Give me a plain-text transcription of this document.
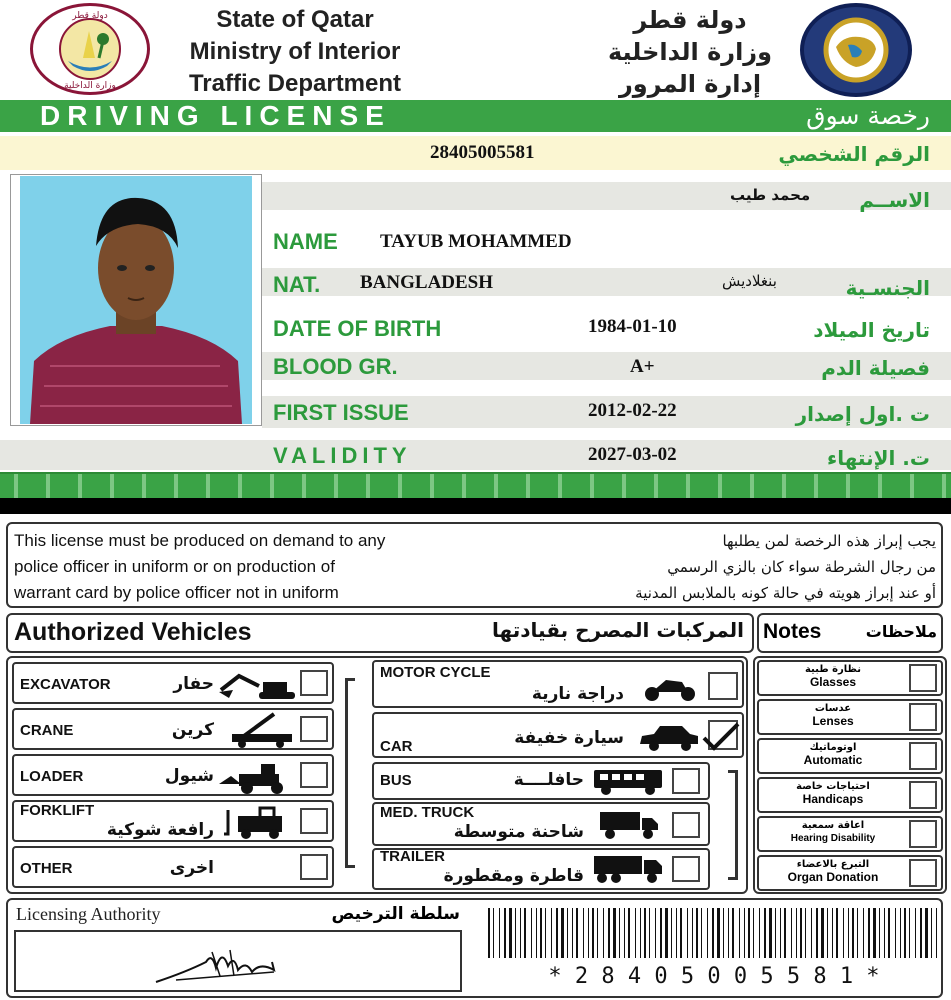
دولة قطر
وزارة الداخلية
State of Qatar
Ministry of Interior
Traffic Department
دولة قطر
وزارة الداخلية
إدارة المرور
DRIVING LICENSE	رخصة سوق
28405005581	الرقم الشخصي
محمد طيب	الاســم
NAME TAYUB MOHAMMED
NAT. BANGLADESH	بنغلاديش	الجنسـية
DATE OF BIRTH	1984-01-10	تاريخ الميلاد
BLOOD GR.	A+	فصيلة الدم
FIRST ISSUE	2012-02-22	ت .اول إصدار
VALIDITY	2027-03-02	ت. الإنتهاء
This license must be produced on demand to any
police officer in uniform or on production of
warrant card by police officer not in uniform
يجب إبراز هذه الرخصة لمن يطلبها
من رجال الشرطة سواء كان بالزي الرسمي
أو عند إبراز هويته في حالة كونه بالملابس المدنية
Authorized Vehicles	المركبات المصرح بقيادتها Notes	ملاحظات
EXCAVATOR	حفار
CRANE	كرين
LOADER	شيول
FORKLIFT
رافعة شوكية
OTHER	اخرى
MOTOR CYCLE
دراجة نارية
CAR	سيارة خفيفة
BUS	حافلــــة
MED. TRUCK
شاحنة متوسطة
TRAILER
قاطرة ومقطورة
نظارة طبية
Glasses
عدسات
Lenses
اوتوماتيك
Automatic
احتياجات خاصة
Handicaps
اعاقة سمعية
Hearing Disability
التبرع بالاعضاء
Organ Donation
Licensing Authority	سلطة الترخيص
* 2 8 4 0 5 0 0 5 5 8 1 *
